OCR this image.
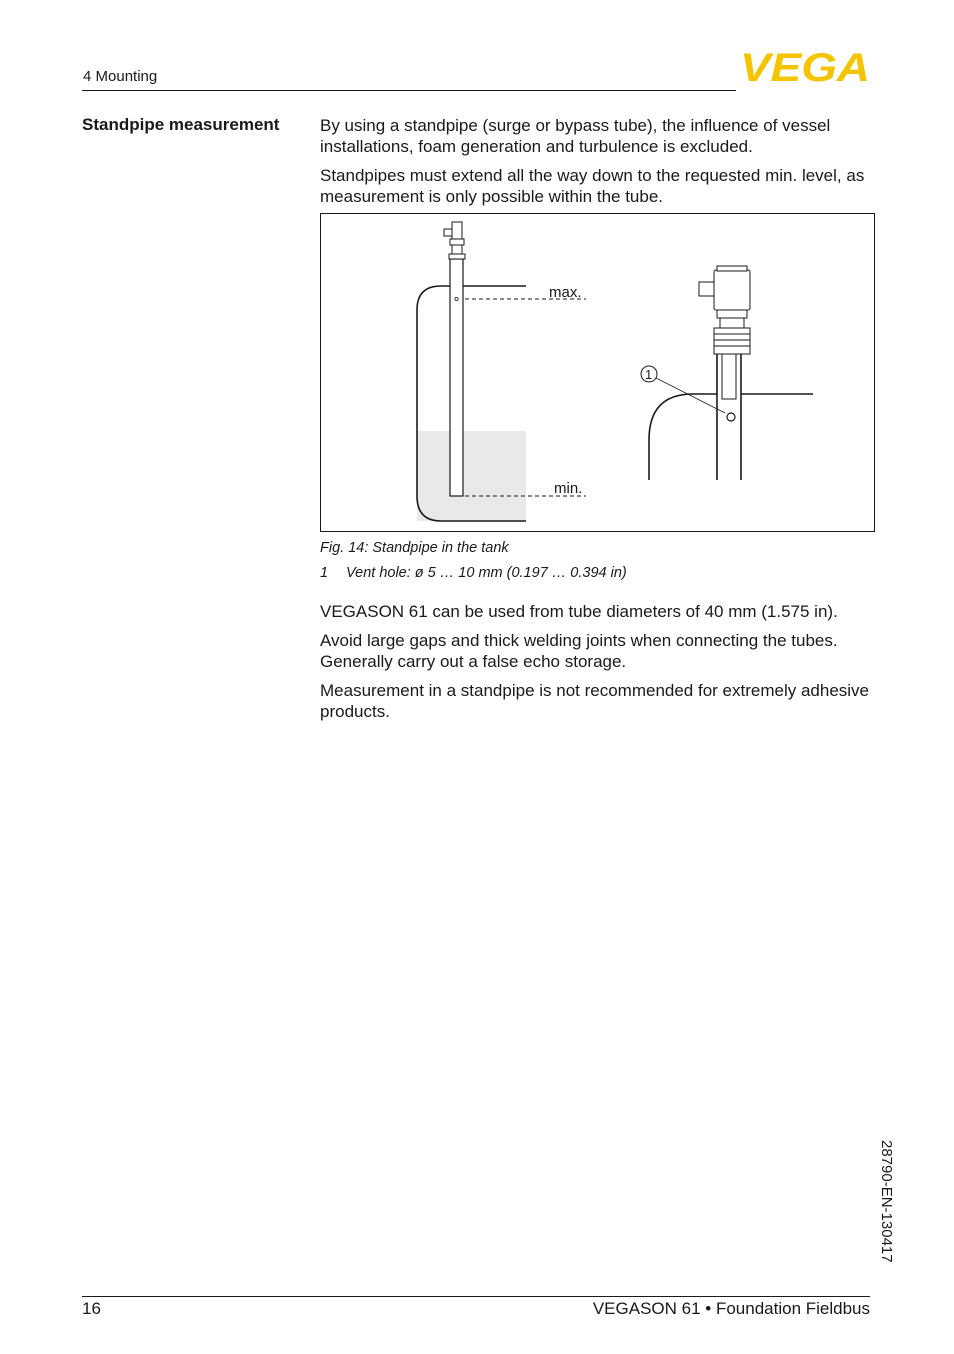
4 Mounting	VEGA
Standpipe measurement By using a standpipe (surge or bypass tube), the influence of vessel installations, foam generation and turbulence is excluded.
Standpipes must extend all the way down to the requested min. level, as measurement is only possible within the tube.
max.
min.
1
Fig. 14: Standpipe in the tank
1 Vent hole: ø 5 … 10 mm (0.197 … 0.394 in)
VEGASON 61 can be used from tube diameters of 40 mm (1.575 in).
Avoid large gaps and thick welding joints when connecting the tubes. Generally carry out a false echo storage.
Measurement in a standpipe is not recommended for extremely adhesive products.
28790-EN-130417
16	VEGASON 61 • Foundation Fieldbus
